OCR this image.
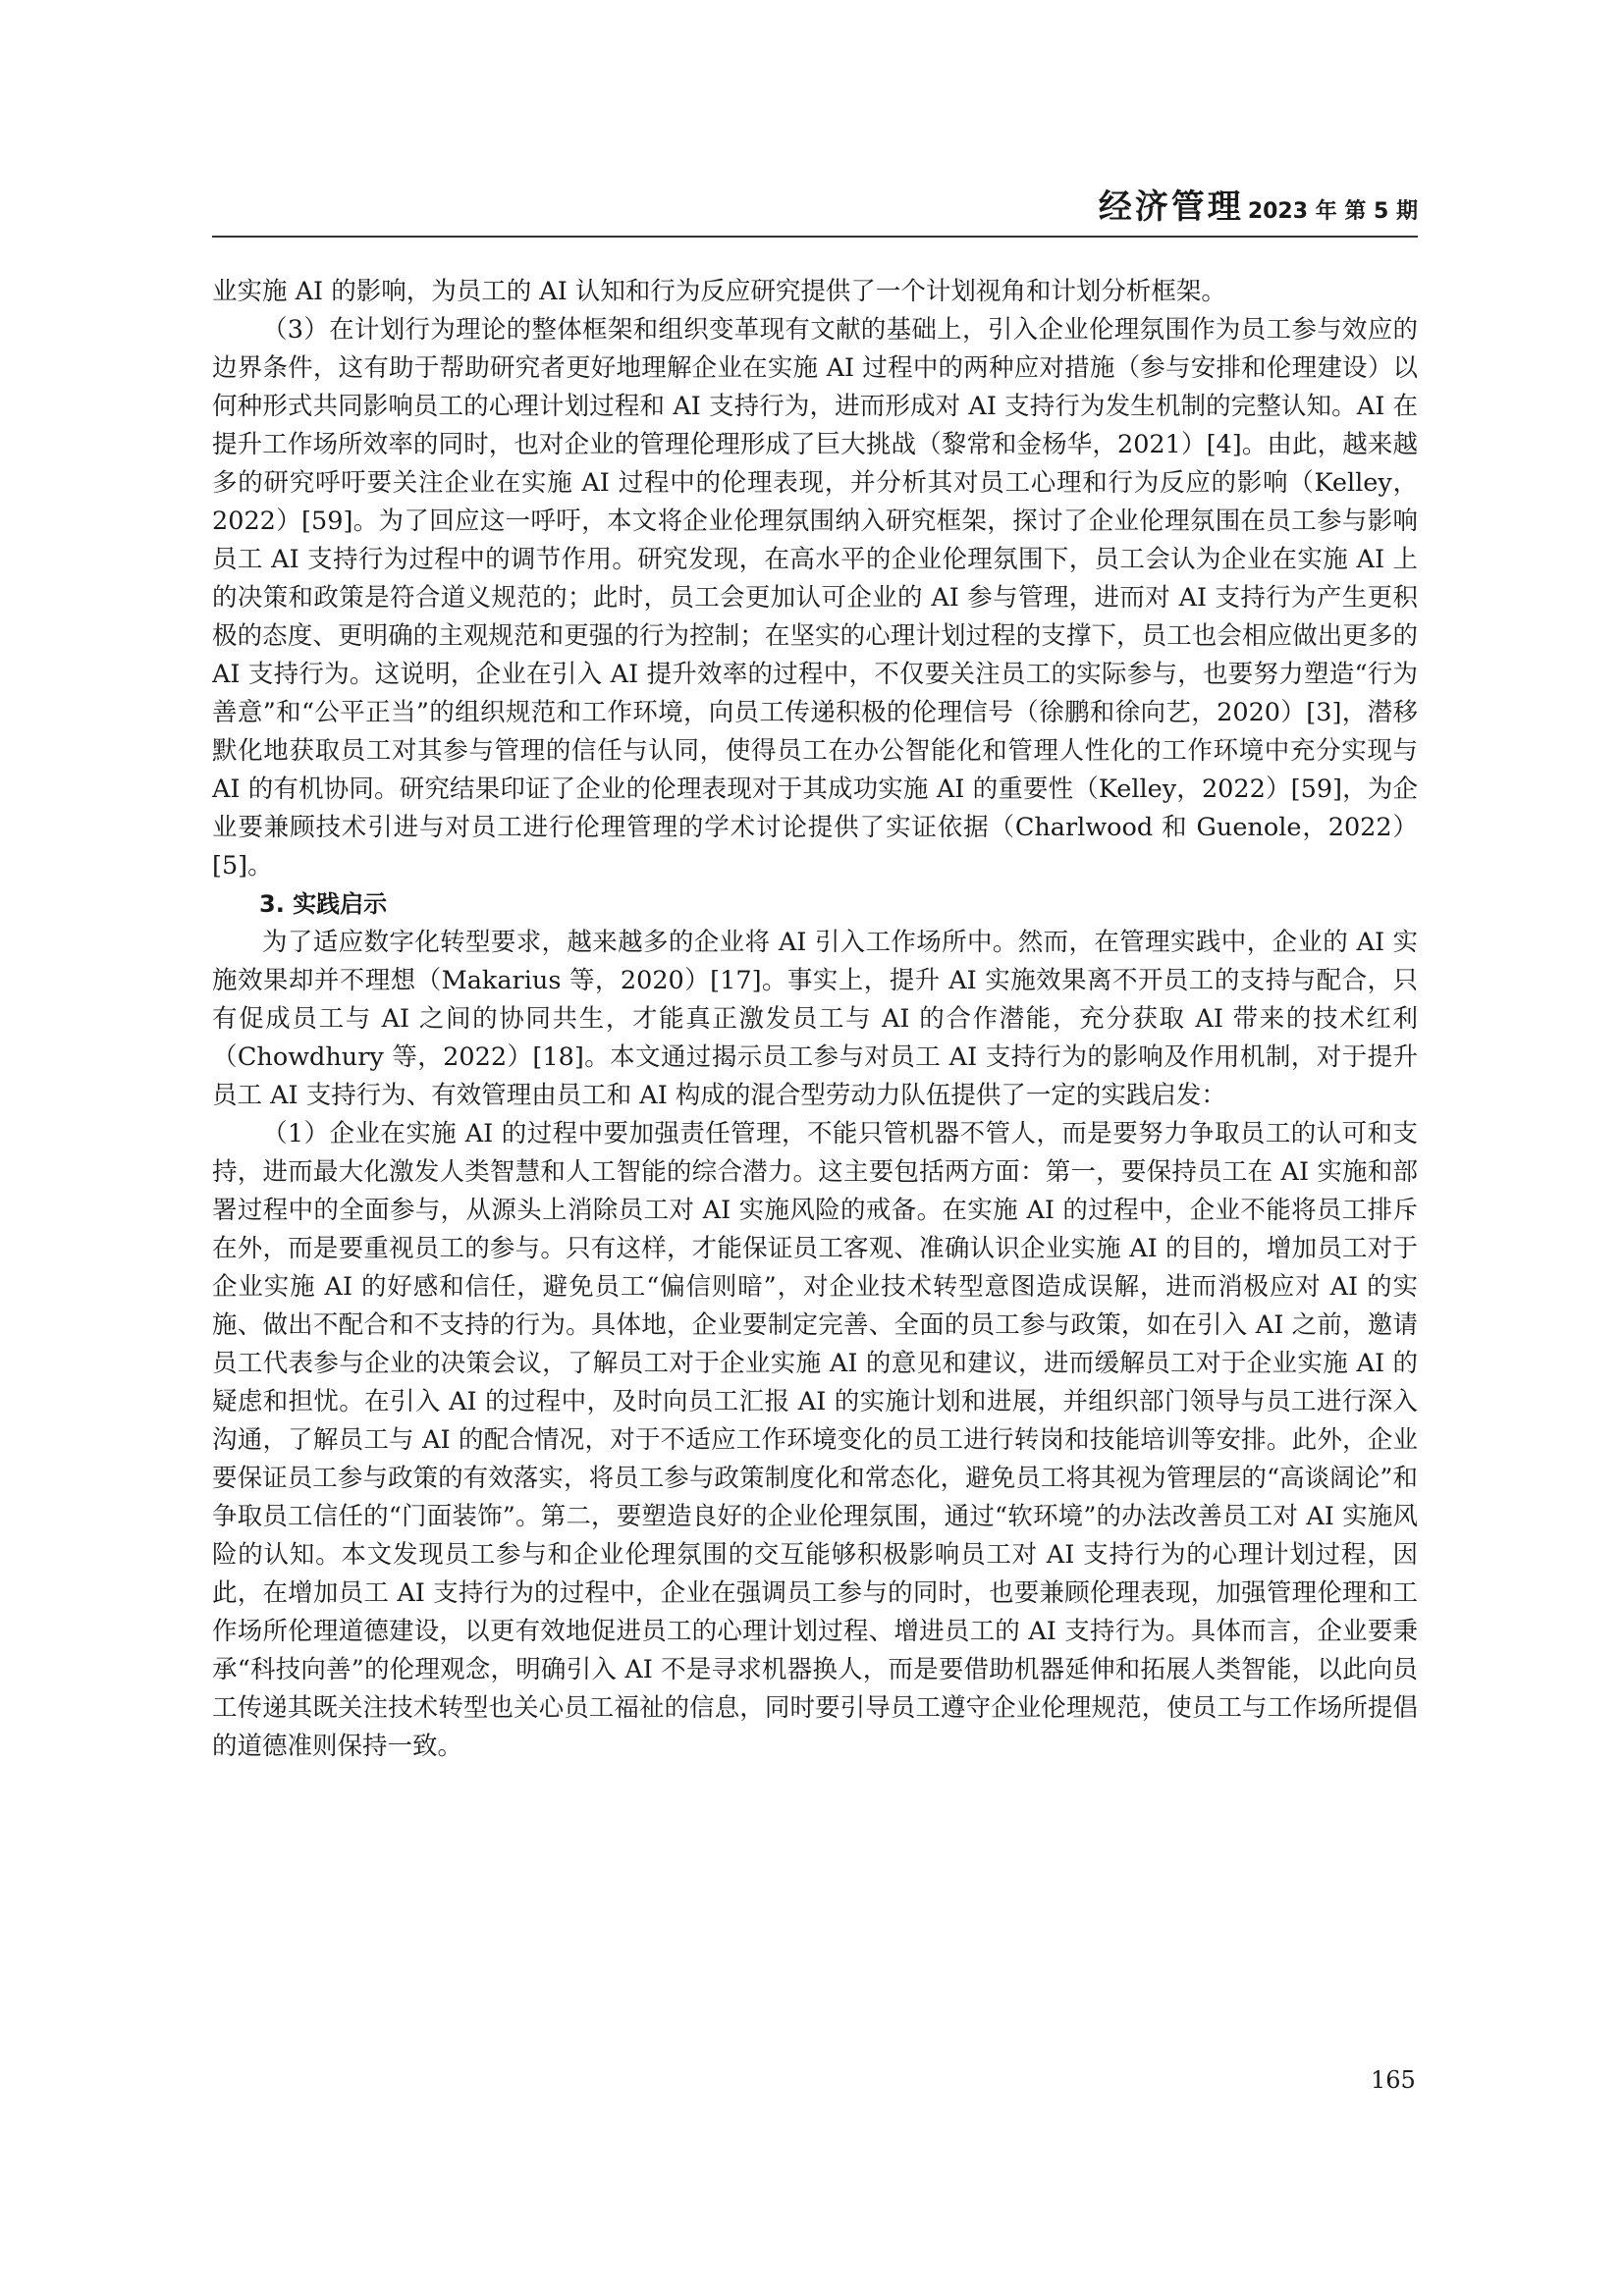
经济管理 2023 年 第 5 期

业实施 AI 的影响，为员工的 AI 认知和行为反应研究提供了一个计划视角和计划分析框架。

（3）在计划行为理论的整体框架和组织变革现有文献的基础上，引入企业伦理氛围作为员工参与效应的边界条件，这有助于帮助研究者更好地理解企业在实施 AI 过程中的两种应对措施（参与安排和伦理建设）以何种形式共同影响员工的心理计划过程和 AI 支持行为，进而形成对 AI 支持行为发生机制的完整认知。AI 在提升工作场所效率的同时，也对企业的管理伦理形成了巨大挑战（黎常和金杨华，2021）[4]。由此，越来越多的研究呼吁要关注企业在实施 AI 过程中的伦理表现，并分析其对员工心理和行为反应的影响（Kelley，2022）[59]。为了回应这一呼吁，本文将企业伦理氛围纳入研究框架，探讨了企业伦理氛围在员工参与影响员工 AI 支持行为过程中的调节作用。研究发现，在高水平的企业伦理氛围下，员工会认为企业在实施 AI 上的决策和政策是符合道义规范的；此时，员工会更加认可企业的 AI 参与管理，进而对 AI 支持行为产生更积极的态度、更明确的主观规范和更强的行为控制；在坚实的心理计划过程的支撑下，员工也会相应做出更多的 AI 支持行为。这说明，企业在引入 AI 提升效率的过程中，不仅要关注员工的实际参与，也要努力塑造“行为善意”和“公平正当”的组织规范和工作环境，向员工传递积极的伦理信号（徐鹏和徐向艺，2020）[3]，潜移默化地获取员工对其参与管理的信任与认同，使得员工在办公智能化和管理人性化的工作环境中充分实现与 AI 的有机协同。研究结果印证了企业的伦理表现对于其成功实施 AI 的重要性（Kelley，2022）[59]，为企业要兼顾技术引进与对员工进行伦理管理的学术讨论提供了实证依据（Charlwood 和 Guenole，2022）[5]。

3. 实践启示

为了适应数字化转型要求，越来越多的企业将 AI 引入工作场所中。然而，在管理实践中，企业的 AI 实施效果却并不理想（Makarius 等，2020）[17]。事实上，提升 AI 实施效果离不开员工的支持与配合，只有促成员工与 AI 之间的协同共生，才能真正激发员工与 AI 的合作潜能，充分获取 AI 带来的技术红利（Chowdhury 等，2022）[18]。本文通过揭示员工参与对员工 AI 支持行为的影响及作用机制，对于提升员工 AI 支持行为、有效管理由员工和 AI 构成的混合型劳动力队伍提供了一定的实践启发：

（1）企业在实施 AI 的过程中要加强责任管理，不能只管机器不管人，而是要努力争取员工的认可和支持，进而最大化激发人类智慧和人工智能的综合潜力。这主要包括两方面：第一，要保持员工在 AI 实施和部署过程中的全面参与，从源头上消除员工对 AI 实施风险的戒备。在实施 AI 的过程中，企业不能将员工排斥在外，而是要重视员工的参与。只有这样，才能保证员工客观、准确认识企业实施 AI 的目的，增加员工对于企业实施 AI 的好感和信任，避免员工“偏信则暗”，对企业技术转型意图造成误解，进而消极应对 AI 的实施、做出不配合和不支持的行为。具体地，企业要制定完善、全面的员工参与政策，如在引入 AI 之前，邀请员工代表参与企业的决策会议，了解员工对于企业实施 AI 的意见和建议，进而缓解员工对于企业实施 AI 的疑虑和担忧。在引入 AI 的过程中，及时向员工汇报 AI 的实施计划和进展，并组织部门领导与员工进行深入沟通，了解员工与 AI 的配合情况，对于不适应工作环境变化的员工进行转岗和技能培训等安排。此外，企业要保证员工参与政策的有效落实，将员工参与政策制度化和常态化，避免员工将其视为管理层的“高谈阔论”和争取员工信任的“门面装饰”。第二，要塑造良好的企业伦理氛围，通过“软环境”的办法改善员工对 AI 实施风险的认知。本文发现员工参与和企业伦理氛围的交互能够积极影响员工对 AI 支持行为的心理计划过程，因此，在增加员工 AI 支持行为的过程中，企业在强调员工参与的同时，也要兼顾伦理表现，加强管理伦理和工作场所伦理道德建设，以更有效地促进员工的心理计划过程、增进员工的 AI 支持行为。具体而言，企业要秉承“科技向善”的伦理观念，明确引入 AI 不是寻求机器换人，而是要借助机器延伸和拓展人类智能，以此向员工传递其既关注技术转型也关心员工福祉的信息，同时要引导员工遵守企业伦理规范，使员工与工作场所提倡的道德准则保持一致。

165
